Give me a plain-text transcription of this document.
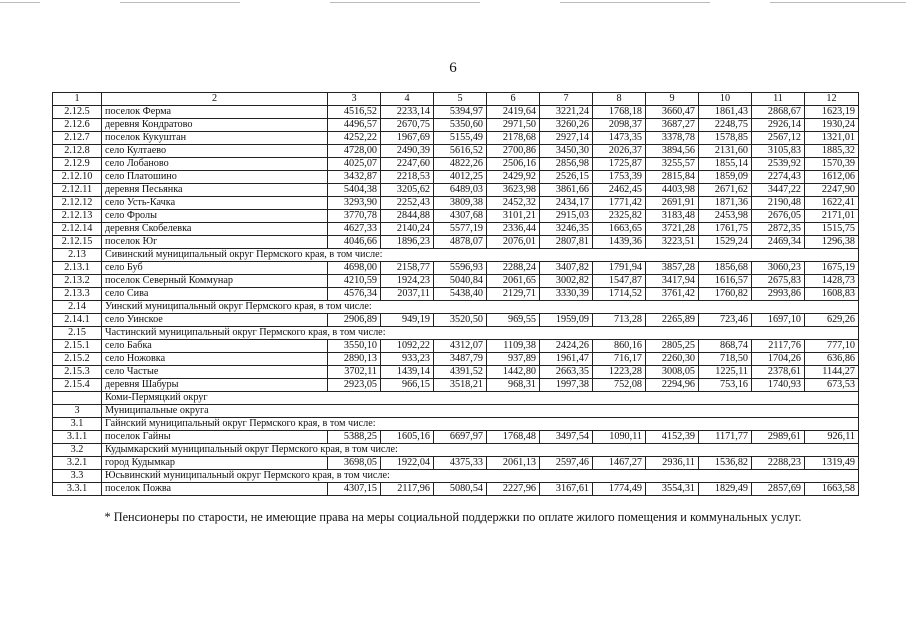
6
1	2	3	4	5	6	7	8	9	10	11	12
2.12.5	поселок Ферма	4516,52	2233,14	5394,97	2419,64	3221,24	1768,18	3660,47	1861,43	2868,67	1623,19
2.12.6	деревня Кондратово	4496,57	2670,75	5350,60	2971,50	3260,26	2098,37	3687,27	2248,75	2926,14	1930,24
2.12.7	поселок Кукуштан	4252,22	1967,69	5155,49	2178,68	2927,14	1473,35	3378,78	1578,85	2567,12	1321,01
2.12.8	село Култаево	4728,00	2490,39	5616,52	2700,86	3450,30	2026,37	3894,56	2131,60	3105,83	1885,32
2.12.9	село Лобаново	4025,07	2247,60	4822,26	2506,16	2856,98	1725,87	3255,57	1855,14	2539,92	1570,39
2.12.10	село Платошино	3432,87	2218,53	4012,25	2429,92	2526,15	1753,39	2815,84	1859,09	2274,43	1612,06
2.12.11	деревня Песьянка	5404,38	3205,62	6489,03	3623,98	3861,66	2462,45	4403,98	2671,62	3447,22	2247,90
2.12.12	село Усть-Качка	3293,90	2252,43	3809,38	2452,32	2434,17	1771,42	2691,91	1871,36	2190,48	1622,41
2.12.13	село Фролы	3770,78	2844,88	4307,68	3101,21	2915,03	2325,82	3183,48	2453,98	2676,05	2171,01
2.12.14	деревня Скобелевка	4627,33	2140,24	5577,19	2336,44	3246,35	1663,65	3721,28	1761,75	2872,35	1515,75
2.12.15	поселок Юг	4046,66	1896,23	4878,07	2076,01	2807,81	1439,36	3223,51	1529,24	2469,34	1296,38
2.13	Сивинский муниципальный округ Пермского края, в том числе:										
2.13.1	село Буб	4698,00	2158,77	5596,93	2288,24	3407,82	1791,94	3857,28	1856,68	3060,23	1675,19
2.13.2	поселок Северный Коммунар	4210,59	1924,23	5040,84	2061,65	3002,82	1547,87	3417,94	1616,57	2675,83	1428,73
2.13.3	село Сива	4576,34	2037,11	5438,40	2129,71	3330,39	1714,52	3761,42	1760,82	2993,86	1608,83
2.14	Уинский муниципальный округ Пермского края, в том числе:										
2.14.1	село Уинское	2906,89	949,19	3520,50	969,55	1959,09	713,28	2265,89	723,46	1697,10	629,26
2.15	Частинский муниципальный округ Пермского края, в том числе:										
2.15.1	село Бабка	3550,10	1092,22	4312,07	1109,38	2424,26	860,16	2805,25	868,74	2117,76	777,10
2.15.2	село Ножовка	2890,13	933,23	3487,79	937,89	1961,47	716,17	2260,30	718,50	1704,26	636,86
2.15.3	село Частые	3702,11	1439,14	4391,52	1442,80	2663,35	1223,28	3008,05	1225,11	2378,61	1144,27
2.15.4	деревня Шабуры	2923,05	966,15	3518,21	968,31	1997,38	752,08	2294,96	753,16	1740,93	673,53
	Коми-Пермяцкий округ										
3	Муниципальные округа										
3.1	Гайнский муниципальный округ Пермского края, в том числе:										
3.1.1	поселок Гайны	5388,25	1605,16	6697,97	1768,48	3497,54	1090,11	4152,39	1171,77	2989,61	926,11
3.2	Кудымкарский муниципальный округ Пермского края, в том числе:										
3.2.1	город Кудымкар	3698,05	1922,04	4375,33	2061,13	2597,46	1467,27	2936,11	1536,82	2288,23	1319,49
3.3	Юсьвинский муниципальный округ Пермского края, в том числе:										
3.3.1	поселок Пожва	4307,15	2117,96	5080,54	2227,96	3167,61	1774,49	3554,31	1829,49	2857,69	1663,58
* Пенсионеры по старости, не имеющие права на меры социальной поддержки по оплате жилого помещения и коммунальных услуг.
